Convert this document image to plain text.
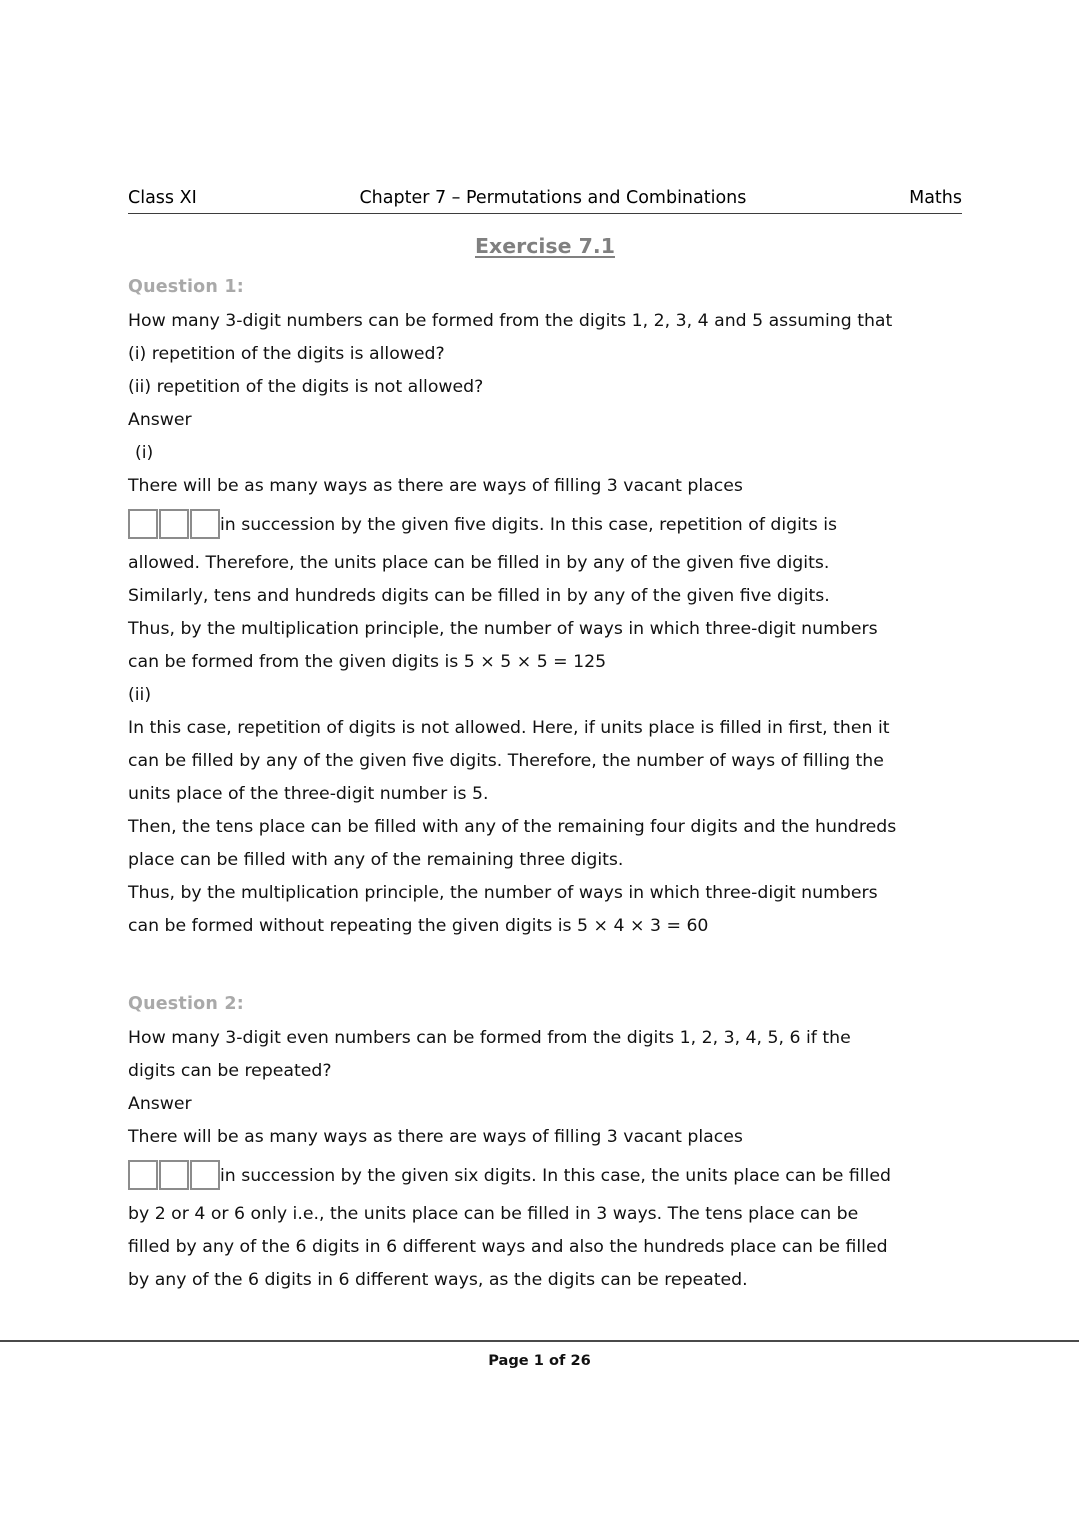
Class XI	Chapter 7 – Permutations and Combinations	Maths
Exercise 7.1
Question 1:

How many 3-digit numbers can be formed from the digits 1, 2, 3, 4 and 5 assuming that

(i) repetition of the digits is allowed?

(ii) repetition of the digits is not allowed?

Answer

(i)

There will be as many ways as there are ways of filling 3 vacant places

in succession by the given five digits. In this case, repetition of digits is

allowed. Therefore, the units place can be filled in by any of the given five digits.

Similarly, tens and hundreds digits can be filled in by any of the given five digits.

Thus, by the multiplication principle, the number of ways in which three-digit numbers

can be formed from the given digits is 5 × 5 × 5 = 125

(ii)

In this case, repetition of digits is not allowed. Here, if units place is filled in first, then it

can be filled by any of the given five digits. Therefore, the number of ways of filling the

units place of the three-digit number is 5.

Then, the tens place can be filled with any of the remaining four digits and the hundreds

place can be filled with any of the remaining three digits.

Thus, by the multiplication principle, the number of ways in which three-digit numbers

can be formed without repeating the given digits is 5 × 4 × 3 = 60

Question 2:

How many 3-digit even numbers can be formed from the digits 1, 2, 3, 4, 5, 6 if the

digits can be repeated?

Answer

There will be as many ways as there are ways of filling 3 vacant places

in succession by the given six digits. In this case, the units place can be filled

by 2 or 4 or 6 only i.e., the units place can be filled in 3 ways. The tens place can be

filled by any of the 6 digits in 6 different ways and also the hundreds place can be filled

by any of the 6 digits in 6 different ways, as the digits can be repeated.

Page 1 of 26
